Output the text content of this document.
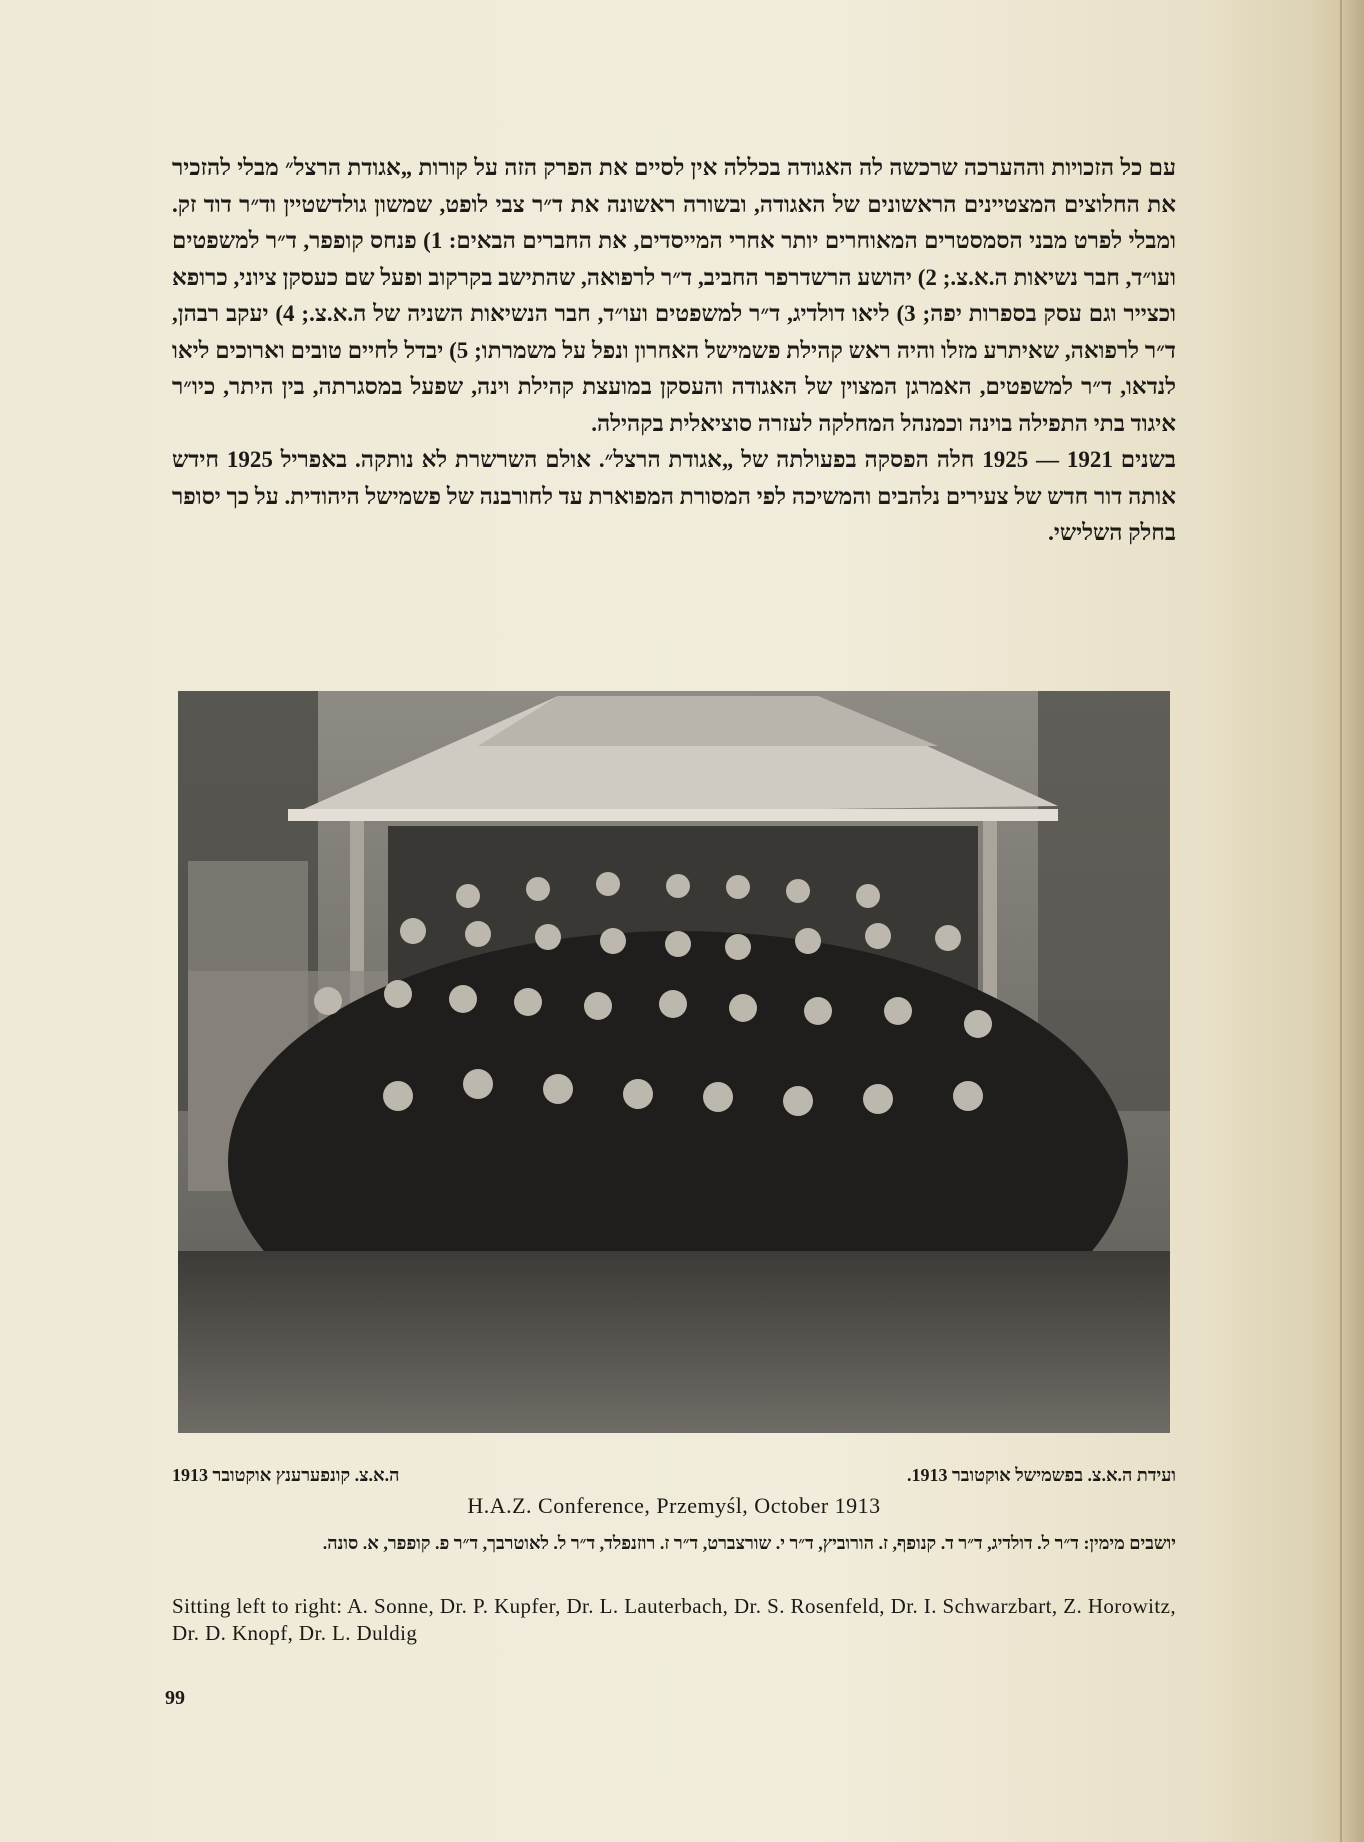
עם כל הזכויות וההערכה שרכשה לה האגודה בכללה אין לסיים את הפרק הזה על קורות „אגודת הרצל״ מבלי להזכיר את החלוצים המצטיינים הראשונים של האגודה, ובשורה ראשונה את ד״ר צבי לופט, שמשון גולדשטיין וד״ר דוד זק. ומבלי לפרט מבני הסמסטרים המאוחרים יותר אחרי המייסדים, את החברים הבאים: 1) פנחס קופפר, ד״ר למשפטים ועו״ד, חבר נשיאות ה.א.צ.; 2) יהושע הרשדרפר החביב, ד״ר לרפואה, שהתישב בקרקוב ופעל שם כעסקן ציוני, כרופא וכצייר וגם עסק בספרות יפה; 3) ליאו דולדיג, ד״ר למשפטים ועו״ד, חבר הנשיאות השניה של ה.א.צ.; 4) יעקב רבהן, ד״ר לרפואה, שאיתרע מזלו והיה ראש קהילת פשמישל האחרון ונפל על משמרתו; 5) יבדל לחיים טובים וארוכים ליאו לנדאו, ד״ר למשפטים, האמרגן המצוין של האגודה והעסקן במועצת קהילת וינה, שפעל במסגרתה, בין היתר, כיו״ר איגוד בתי התפילה בוינה וכמנהל המחלקה לעזרה סוציאלית בקהילה.

בשנים 1921 — 1925 חלה הפסקה בפעולתה של „אגודת הרצל״. אולם השרשרת לא נותקה. באפריל 1925 חידש אותה דור חדש של צעירים נלהבים והמשיכה לפי המסורת המפוארת עד לחורבנה של פשמישל היהודית. על כך יסופר בחלק השלישי.

ועידת ה.א.צ. בפשמישל אוקטובר 1913.
ה.א.צ. קונפערענץ אוקטובר 1913
H.A.Z. Conference, Przemyśl, October 1913
יושבים מימין: ד״ר ל. דולדיג, ד״ר ד. קנופף, ז. הורוביץ, ד״ר י. שורצברט, ד״ר ז. רוזנפלד, ד״ר ל. לאוטרבך, ד״ר פ. קופפר, א. סונה.
Sitting left to right: A. Sonne, Dr. P. Kupfer, Dr. L. Lauterbach, Dr. S. Rosenfeld, Dr. I. Schwarzbart, Z. Horowitz, Dr. D. Knopf, Dr. L. Duldig
99
